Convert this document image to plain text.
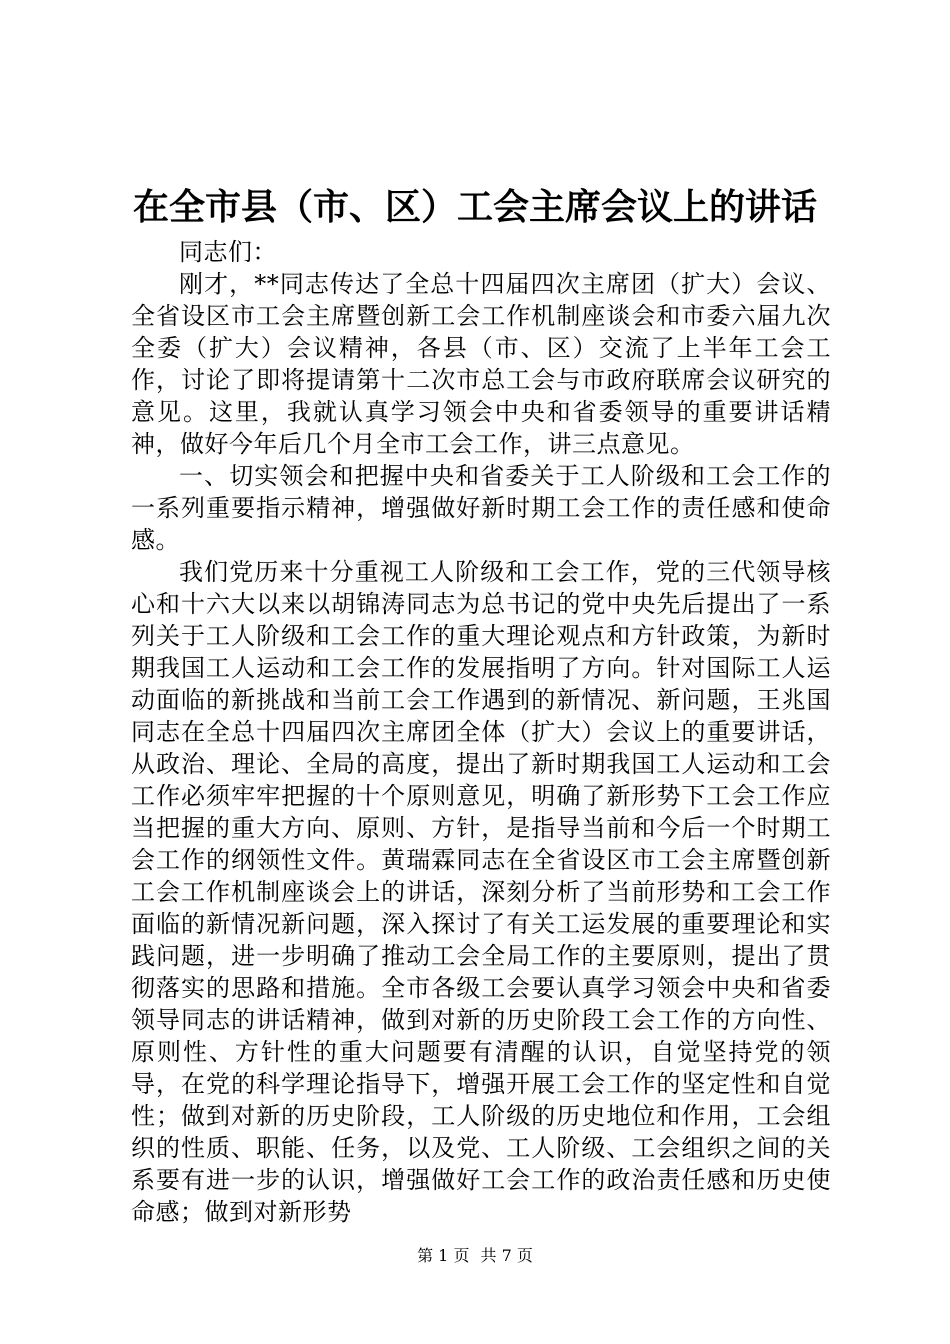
在全市县（市、区）工会主席会议上的讲话

同志们：

刚才，**同志传达了全总十四届四次主席团（扩大）会议、全省设区市工会主席暨创新工会工作机制座谈会和市委六届九次全委（扩大）会议精神，各县（市、区）交流了上半年工会工作，讨论了即将提请第十二次市总工会与市政府联席会议研究的意见。这里，我就认真学习领会中央和省委领导的重要讲话精神，做好今年后几个月全市工会工作，讲三点意见。

一、切实领会和把握中央和省委关于工人阶级和工会工作的一系列重要指示精神，增强做好新时期工会工作的责任感和使命感。

我们党历来十分重视工人阶级和工会工作，党的三代领导核心和十六大以来以胡锦涛同志为总书记的党中央先后提出了一系列关于工人阶级和工会工作的重大理论观点和方针政策，为新时期我国工人运动和工会工作的发展指明了方向。针对国际工人运动面临的新挑战和当前工会工作遇到的新情况、新问题，王兆国同志在全总十四届四次主席团全体（扩大）会议上的重要讲话，从政治、理论、全局的高度，提出了新时期我国工人运动和工会工作必须牢牢把握的十个原则意见，明确了新形势下工会工作应当把握的重大方向、原则、方针，是指导当前和今后一个时期工会工作的纲领性文件。黄瑞霖同志在全省设区市工会主席暨创新工会工作机制座谈会上的讲话，深刻分析了当前形势和工会工作面临的新情况新问题，深入探讨了有关工运发展的重要理论和实践问题，进一步明确了推动工会全局工作的主要原则，提出了贯彻落实的思路和措施。全市各级工会要认真学习领会中央和省委领导同志的讲话精神，做到对新的历史阶段工会工作的方向性、原则性、方针性的重大问题要有清醒的认识，自觉坚持党的领导，在党的科学理论指导下，增强开展工会工作的坚定性和自觉性；做到对新的历史阶段，工人阶级的历史地位和作用，工会组织的性质、职能、任务，以及党、工人阶级、工会组织之间的关系要有进一步的认识，增强做好工会工作的政治责任感和历史使命感；做到对新形势

第 1 页 共 7 页
